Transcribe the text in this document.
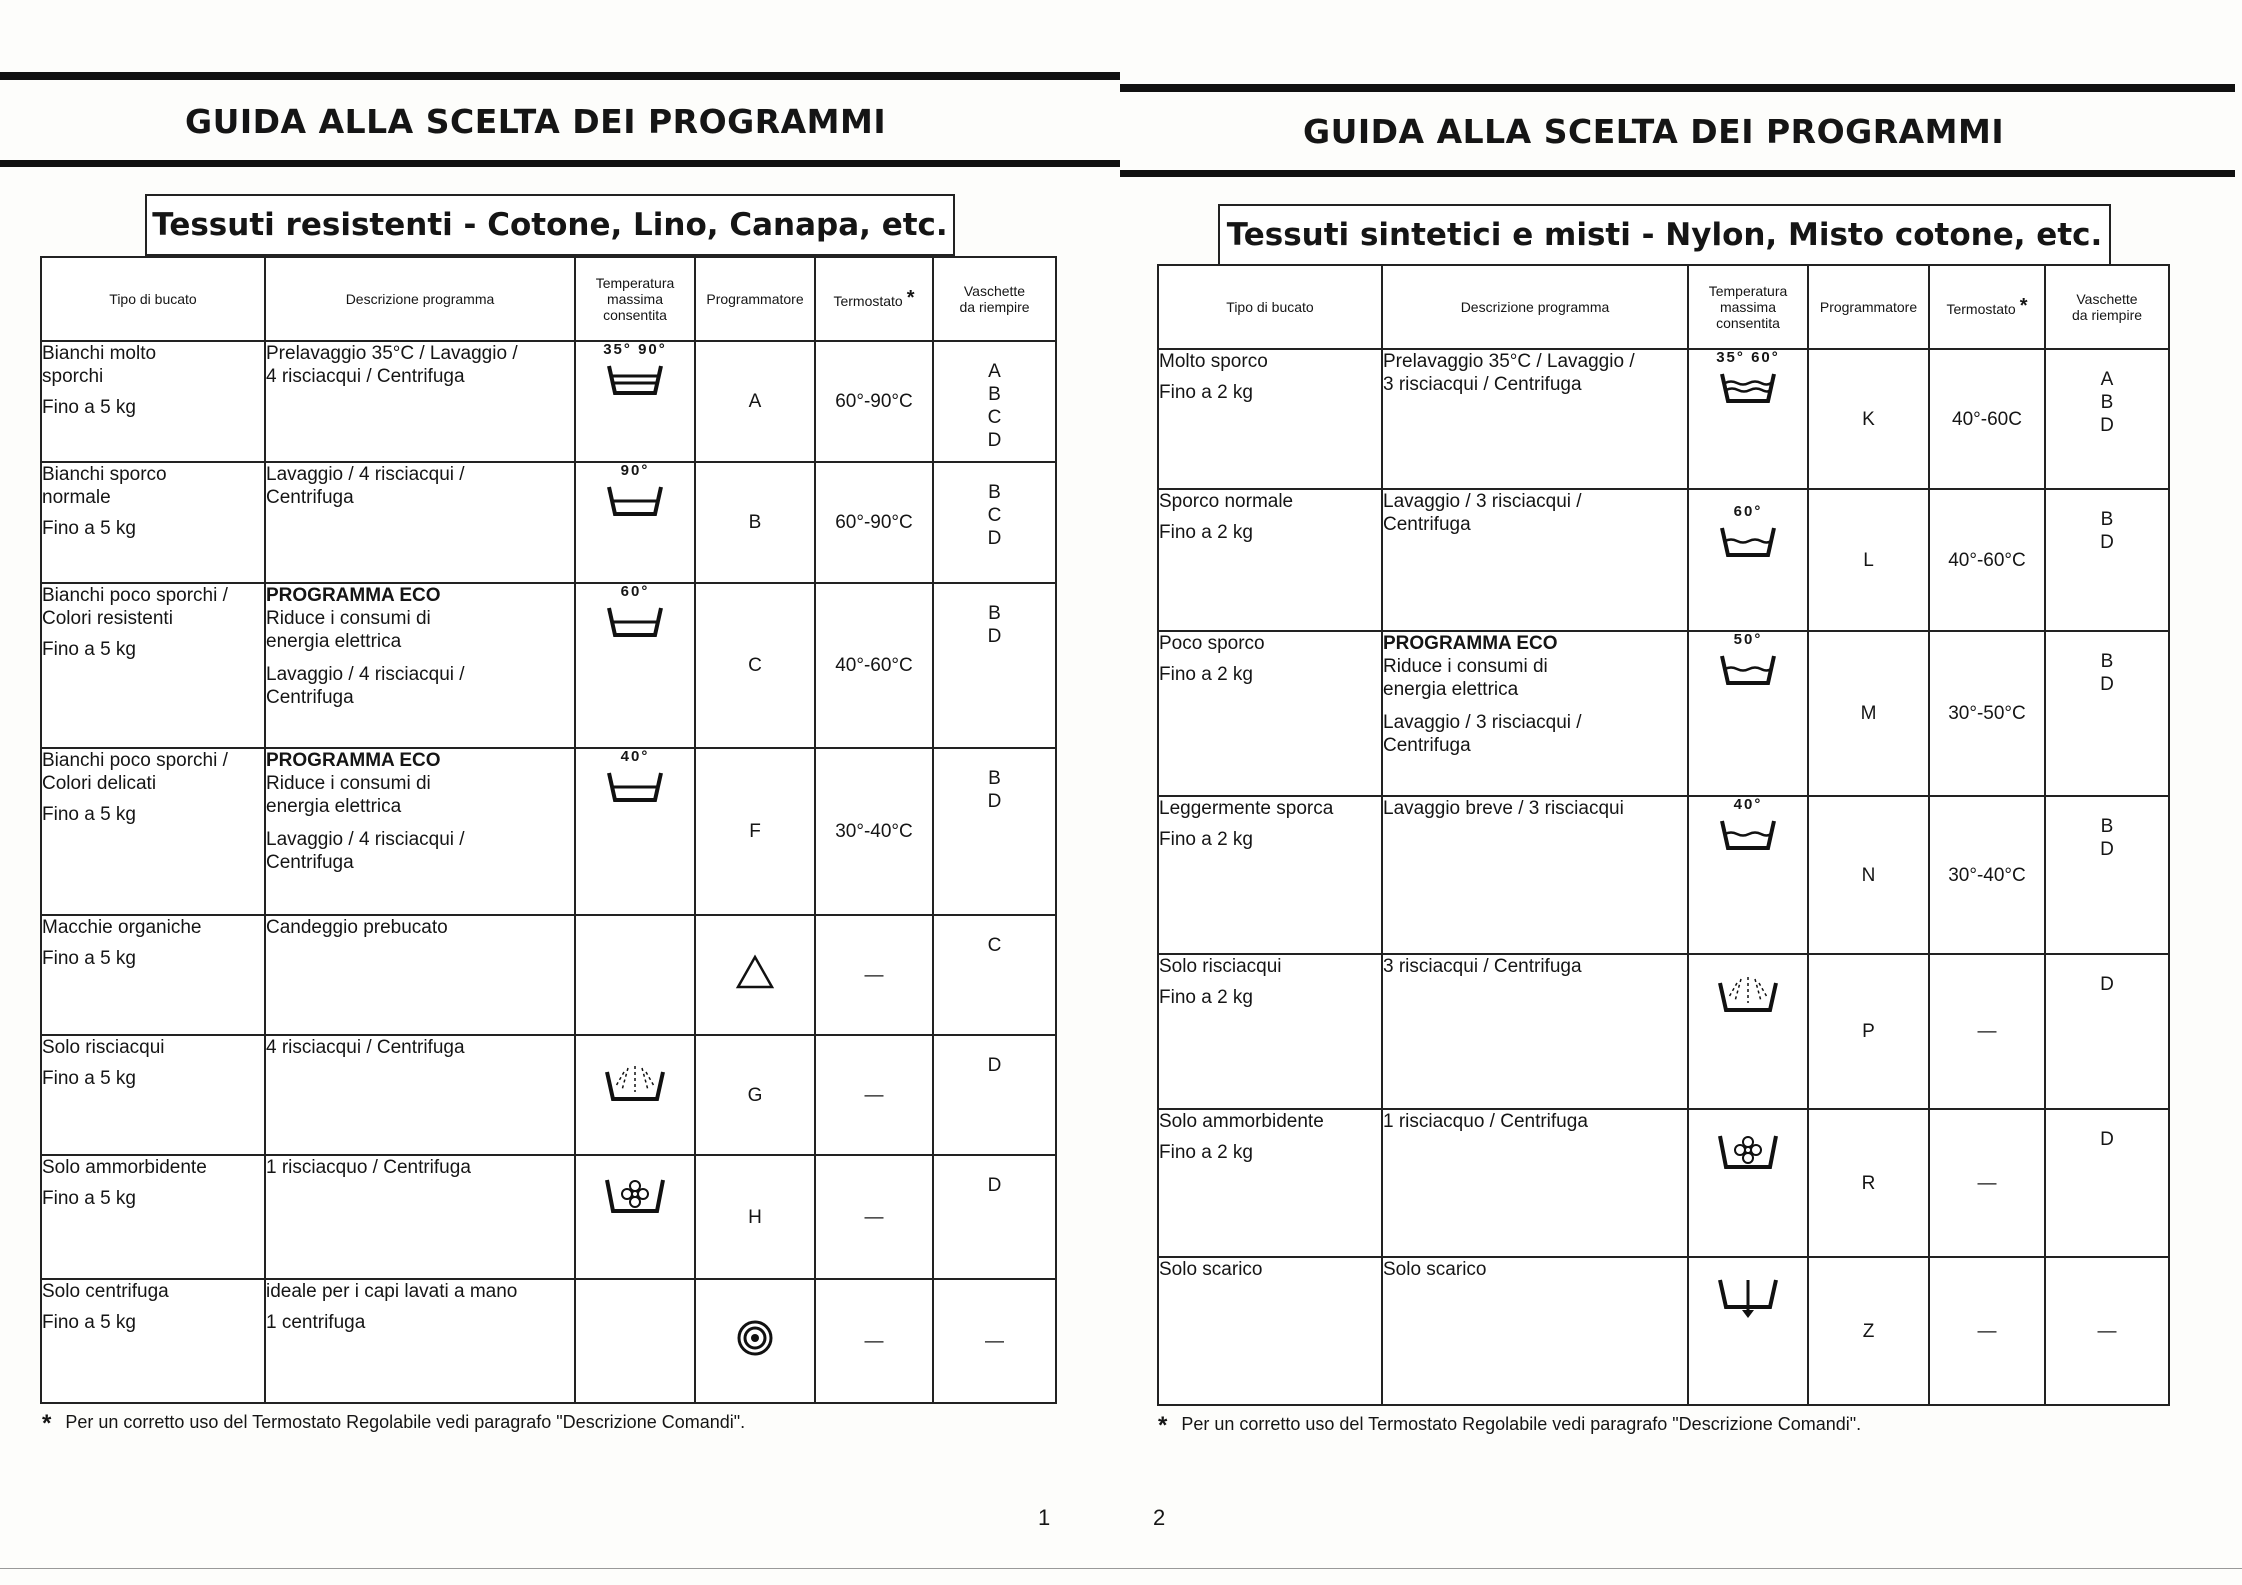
GUIDA ALLA SCELTA DEI PROGRAMMI
Tessuti resistenti - Cotone, Lino, Canapa, etc.
Tipo di bucato	Descrizione programma	Temperatura
massima
consentita	Programmatore	Termostato *	Vaschette
da riempire

Bianchi molto
sporchi
Fino a 5 kg	Prelavaggio 35°C / Lavaggio /
4 risciacqui / Centrifuga	35° 90°	A	60°-90°C	A
B
C
D

Bianchi sporco
normale
Fino a 5 kg	Lavaggio / 4 risciacqui /
Centrifuga	90°	B	60°-90°C	B
C
D

Bianchi poco sporchi /
Colori resistenti
Fino a 5 kg	PROGRAMMA ECO
Riduce i consumi di
energia elettrica
Lavaggio / 4 risciacqui /
Centrifuga	60°	C	40°-60°C	B
D

Bianchi poco sporchi /
Colori delicati
Fino a 5 kg	PROGRAMMA ECO
Riduce i consumi di
energia elettrica
Lavaggio / 4 risciacqui /
Centrifuga	40°	F	30°-40°C	B
D

Macchie organiche
Fino a 5 kg	Candeggio prebucato			—	C

Solo risciacqui
Fino a 5 kg	4 risciacqui / Centrifuga		G	—	D

Solo ammorbidente
Fino a 5 kg	1 risciacquo / Centrifuga		H	—	D

Solo centrifuga
Fino a 5 kg	ideale per i capi lavati a mano
1 centrifuga			—	—
* Per un corretto uso del Termostato Regolabile vedi paragrafo "Descrizione Comandi".
1
GUIDA ALLA SCELTA DEI PROGRAMMI
Tessuti sintetici e misti - Nylon, Misto cotone, etc.
Tipo di bucato	Descrizione programma	Temperatura
massima
consentita	Programmatore	Termostato *	Vaschette
da riempire

Molto sporco
Fino a 2 kg	Prelavaggio 35°C / Lavaggio /
3 risciacqui / Centrifuga	35° 60°	K	40°-60C	A
B
D

Sporco normale
Fino a 2 kg	Lavaggio / 3 risciacqui /
Centrifuga	60°	L	40°-60°C	B
D

Poco sporco
Fino a 2 kg	PROGRAMMA ECO
Riduce i consumi di
energia elettrica
Lavaggio / 3 risciacqui /
Centrifuga	50°	M	30°-50°C	B
D

Leggermente sporca
Fino a 2 kg	Lavaggio breve / 3 risciacqui	40°	N	30°-40°C	B
D

Solo risciacqui
Fino a 2 kg	3 risciacqui / Centrifuga		P	—	D

Solo ammorbidente
Fino a 2 kg	1 risciacquo / Centrifuga		R	—	D

Solo scarico	Solo scarico		Z	—	—
* Per un corretto uso del Termostato Regolabile vedi paragrafo "Descrizione Comandi".
2
